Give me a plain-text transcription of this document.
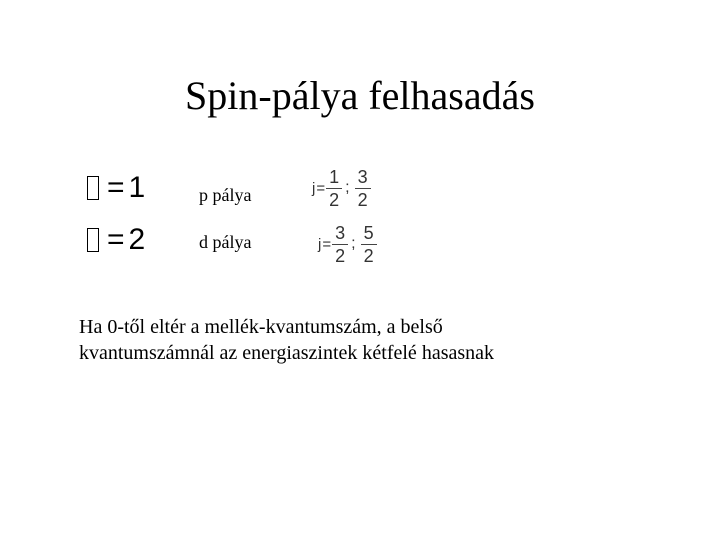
Spin-pálya felhasadás
= 1	p pálya	$j = \frac{1}{2}$ ; $\frac{3}{2}$
= 2	d pálya	$j = \frac{3}{2}$ ; $\frac{5}{2}$
Ha 0-től eltér a mellék-kvantumszám, a belső
kvantumszámnál az energiaszintek kétfelé hasasnak
